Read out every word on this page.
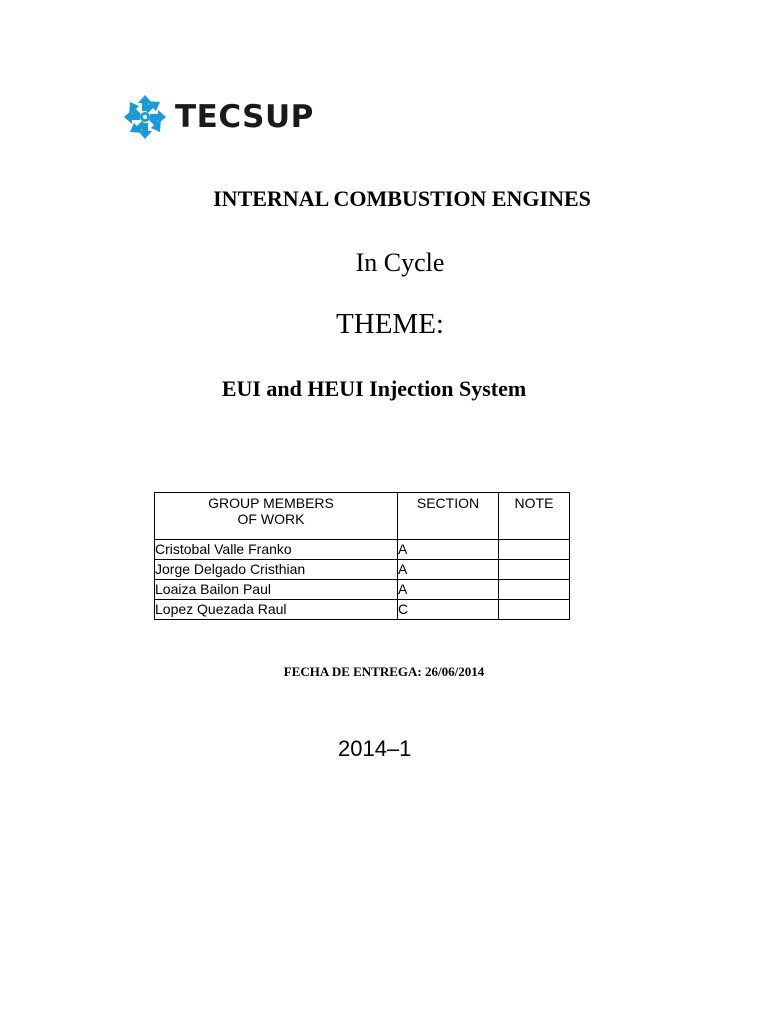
TECSUP
INTERNAL COMBUSTION ENGINES
In Cycle
THEME:
EUI and HEUI Injection System
GROUP MEMBERS
OF WORK	SECTION	NOTE
Cristobal Valle Franko	A	
Jorge Delgado Cristhian	A	
Loaiza Bailon Paul	A	
Lopez Quezada Raul	C	
FECHA DE ENTREGA: 26/06/2014
2014–1
